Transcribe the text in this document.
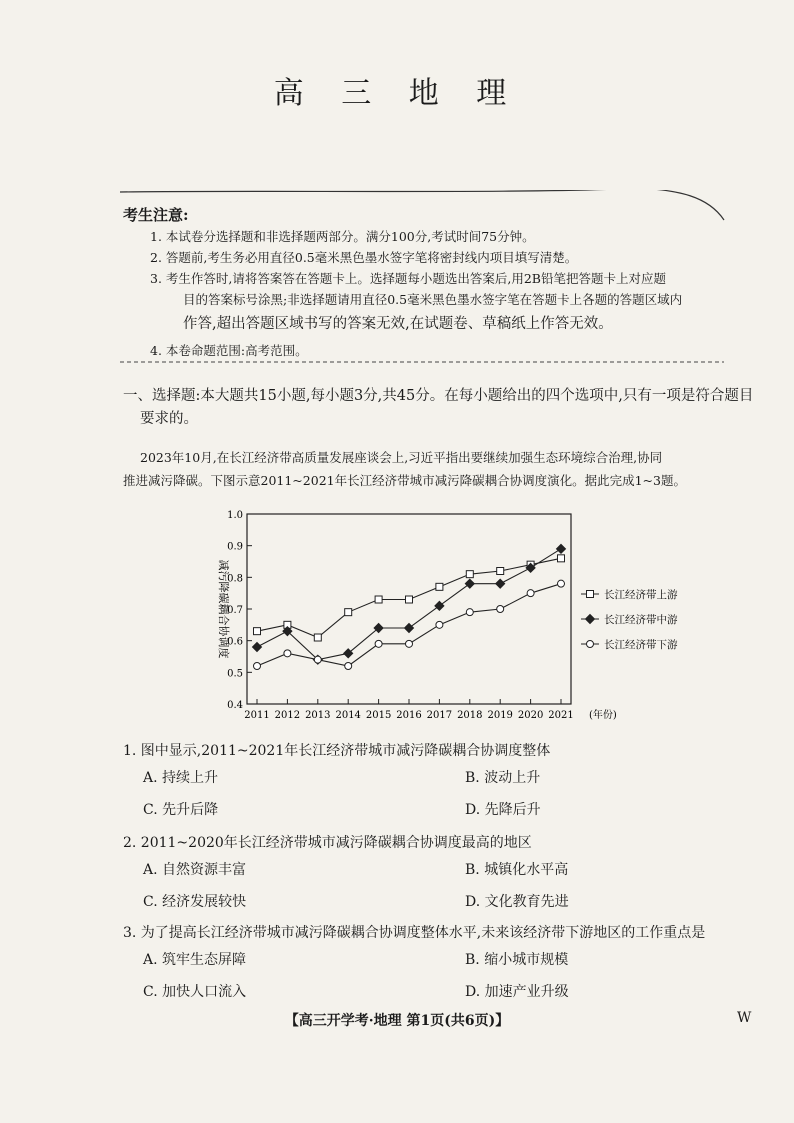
高 三 地 理
考生注意:
1. 本试卷分选择题和非选择题两部分。满分100分,考试时间75分钟。
2. 答题前,考生务必用直径0.5毫米黑色墨水签字笔将密封线内项目填写清楚。
3. 考生作答时,请将答案答在答题卡上。选择题每小题选出答案后,用2B铅笔把答题卡上对应题
目的答案标号涂黑;非选择题请用直径0.5毫米黑色墨水签字笔在答题卡上各题的答题区域内
作答,超出答题区域书写的答案无效,在试题卷、草稿纸上作答无效。
4. 本卷命题范围:高考范围。
一、选择题:本大题共15小题,每小题3分,共45分。在每小题给出的四个选项中,只有一项是符合题目
要求的。
2023年10月,在长江经济带高质量发展座谈会上,习近平指出要继续加强生态环境综合治理,协同
推进减污降碳。下图示意2011~2021年长江经济带城市减污降碳耦合协调度演化。据此完成1~3题。
0.4
0.5
0.6
0.7
0.8
0.9
1.0
2011 2012 2013 2014 2015 2016 2017 2018 2019 2020 2021 (年份)
减污降碳耦合协调度	长江经济带上游
长江经济带中游
长江经济带下游
1. 图中显示,2011~2021年长江经济带城市减污降碳耦合协调度整体
A. 持续上升	B. 波动上升
C. 先升后降	D. 先降后升
2. 2011~2020年长江经济带城市减污降碳耦合协调度最高的地区
A. 自然资源丰富	B. 城镇化水平高
C. 经济发展较快	D. 文化教育先进
3. 为了提高长江经济带城市减污降碳耦合协调度整体水平,未来该经济带下游地区的工作重点是
A. 筑牢生态屏障	B. 缩小城市规模
C. 加快人口流入	D. 加速产业升级
【高三开学考·地理 第1页(共6页)】	W
